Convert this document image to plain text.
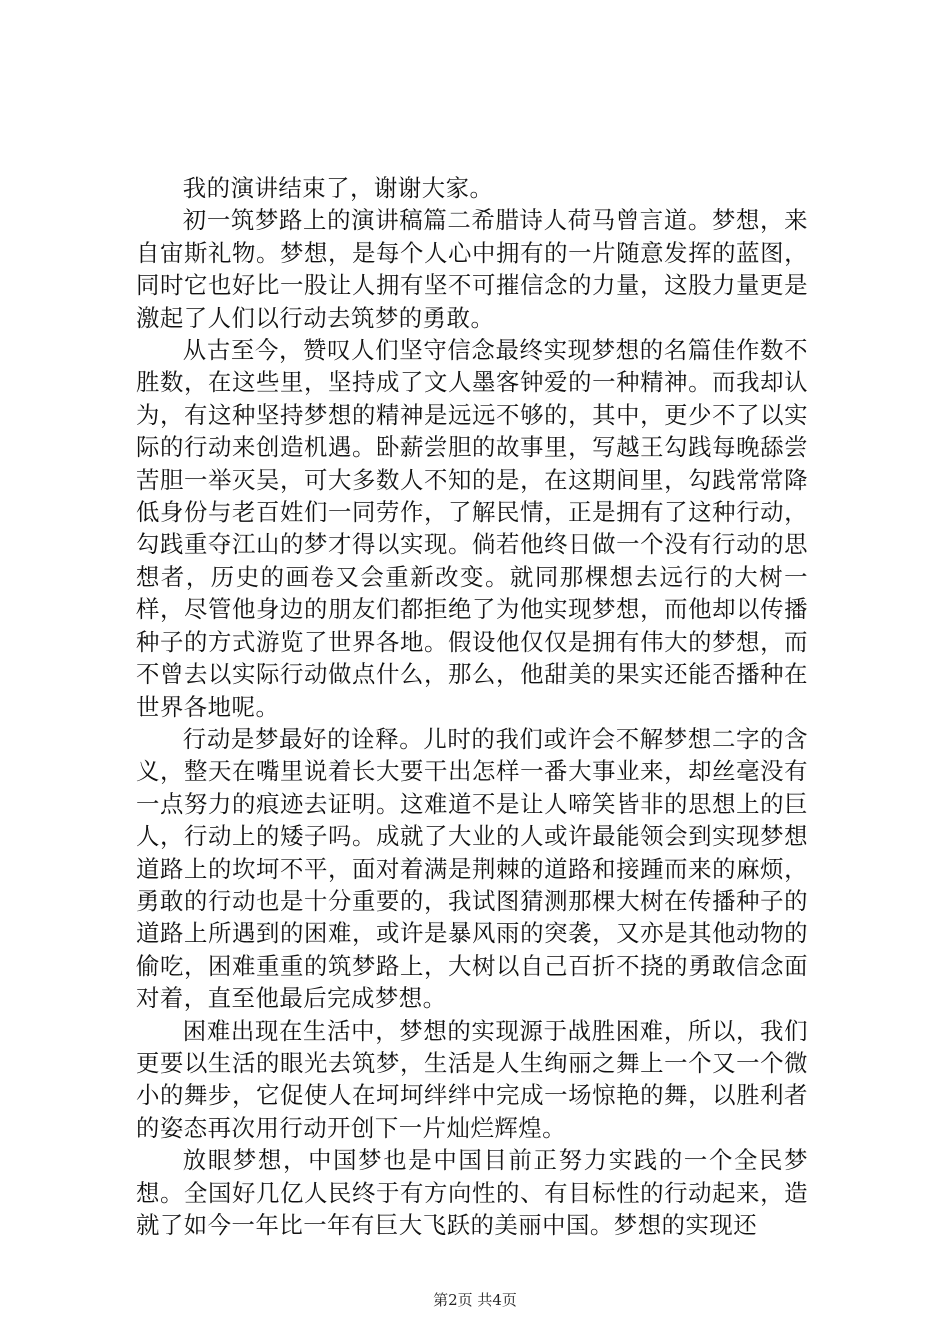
我的演讲结束了，谢谢大家。

初一筑梦路上的演讲稿篇二希腊诗人荷马曾言道。梦想，来自宙斯礼物。梦想，是每个人心中拥有的一片随意发挥的蓝图，同时它也好比一股让人拥有坚不可摧信念的力量，这股力量更是激起了人们以行动去筑梦的勇敢。

从古至今，赞叹人们坚守信念最终实现梦想的名篇佳作数不胜数，在这些里，坚持成了文人墨客钟爱的一种精神。而我却认为，有这种坚持梦想的精神是远远不够的，其中，更少不了以实际的行动来创造机遇。卧薪尝胆的故事里，写越王勾践每晚舔尝苦胆一举灭吴，可大多数人不知的是，在这期间里，勾践常常降低身份与老百姓们一同劳作，了解民情，正是拥有了这种行动，勾践重夺江山的梦才得以实现。倘若他终日做一个没有行动的思想者，历史的画卷又会重新改变。就同那棵想去远行的大树一样，尽管他身边的朋友们都拒绝了为他实现梦想，而他却以传播种子的方式游览了世界各地。假设他仅仅是拥有伟大的梦想，而不曾去以实际行动做点什么，那么，他甜美的果实还能否播种在世界各地呢。

行动是梦最好的诠释。儿时的我们或许会不解梦想二字的含义，整天在嘴里说着长大要干出怎样一番大事业来，却丝毫没有一点努力的痕迹去证明。这难道不是让人啼笑皆非的思想上的巨人，行动上的矮子吗。成就了大业的人或许最能领会到实现梦想道路上的坎坷不平，面对着满是荆棘的道路和接踵而来的麻烦，勇敢的行动也是十分重要的，我试图猜测那棵大树在传播种子的道路上所遇到的困难，或许是暴风雨的突袭，又亦是其他动物的偷吃，困难重重的筑梦路上，大树以自己百折不挠的勇敢信念面对着，直至他最后完成梦想。

困难出现在生活中，梦想的实现源于战胜困难，所以，我们更要以生活的眼光去筑梦，生活是人生绚丽之舞上一个又一个微小的舞步，它促使人在坷坷绊绊中完成一场惊艳的舞，以胜利者的姿态再次用行动开创下一片灿烂辉煌。

放眼梦想，中国梦也是中国目前正努力实践的一个全民梦想。全国好几亿人民终于有方向性的、有目标性的行动起来，造就了如今一年比一年有巨大飞跃的美丽中国。梦想的实现还

第2页 共4页
